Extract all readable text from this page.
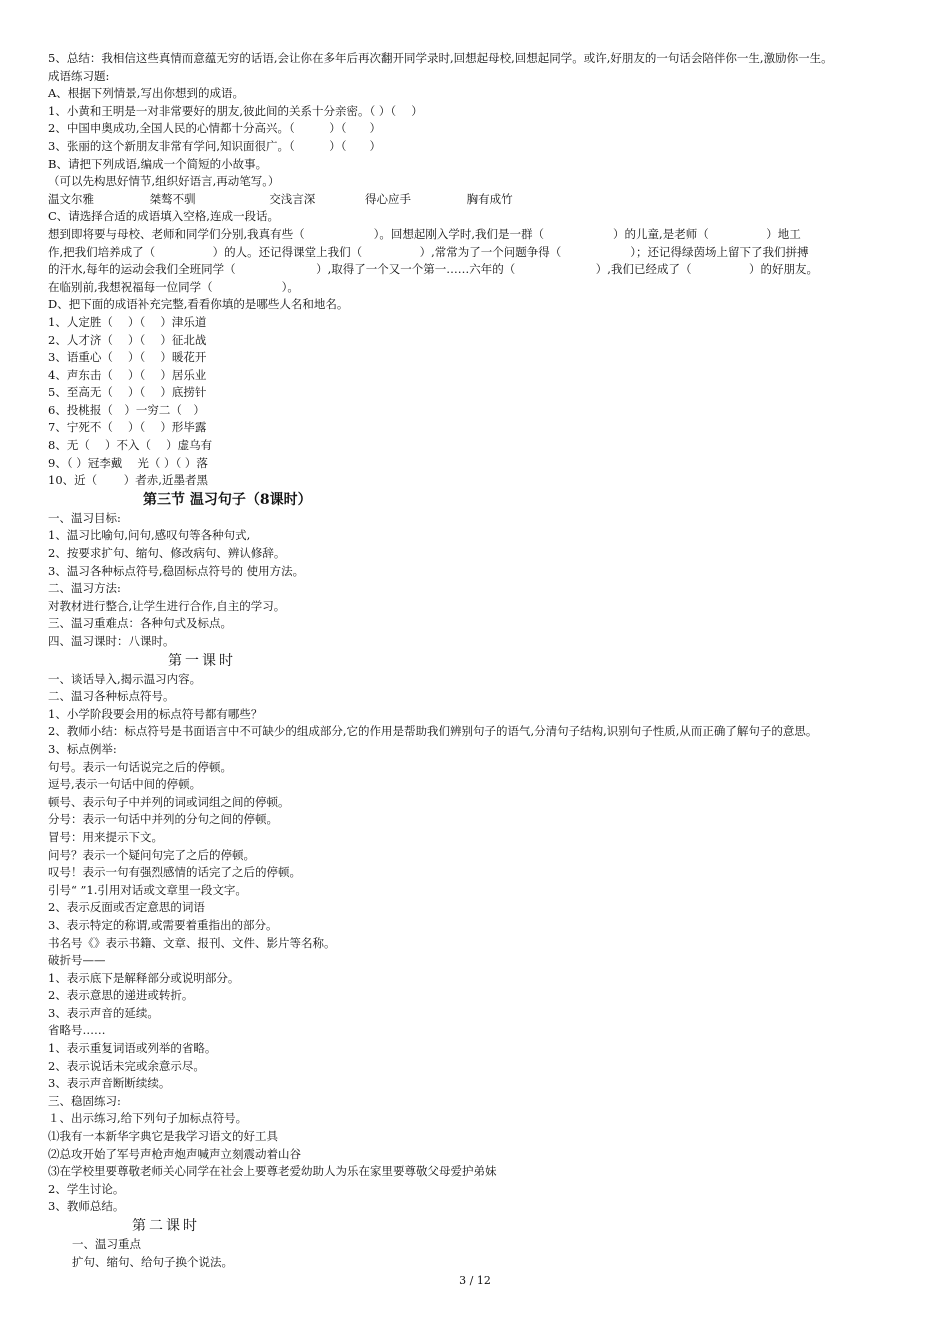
5、总结：我相信这些真情而意蕴无穷的话语,会让你在多年后再次翻开同学录时,回想起母校,回想起同学。或许,好朋友的一句话会陪伴你一生,激励你一生。
成语练习题:
A、根据下列情景,写出你想到的成语。
1、小黄和王明是一对非常要好的朋友,彼此间的关系十分亲密。（ ）（　 ）
2、中国申奥成功,全国人民的心情都十分高兴。（　　　）（　　）
3、张丽的这个新朋友非常有学问,知识面很广。（　　　）（　　）
B、请把下列成语,编成一个简短的小故事。
（可以先构思好情节,组织好语言,再动笔写。）
温文尔雅	桀骜不驯	交浅言深	得心应手	胸有成竹
C、请选择合适的成语填入空格,连成一段话。
想到即将要与母校、老师和同学们分别,我真有些（　　　　　　）。回想起刚入学时,我们是一群（　　　　　　）的儿童,是老师（　　　　　）地工
作,把我们培养成了（　　　　　）的人。还记得课堂上我们（　　　　　）,常常为了一个问题争得（　　　　　　）；还记得绿茵场上留下了我们拼搏
的汗水,每年的运动会我们全班同学（　　　　　　　）,取得了一个又一个第一……六年的（　　　　　　　）,我们已经成了（　　　　　）的好朋友。
在临别前,我想祝福每一位同学（　　　　　　）。
D、把下面的成语补充完整,看看你填的是哪些人名和地名。
1、人定胜（　 ）（　 ）津乐道
2、人才济（　 ）（　 ）征北战
3、语重心（　 ）（　 ）暖花开
4、声东击（　 ）（　 ）居乐业
5、至高无（　 ）（　 ）底捞针
6、投桃报（　）一穷二（　）
7、宁死不（　 ）（　 ）形毕露
8、无（　 ）不入（　 ）虚乌有
9、（ ）冠李戴　 光（ ）（ ）落
10、近（　　 ）者赤,近墨者黑
第三节 温习句子（8课时）
一、温习目标:
1、温习比喻句,问句,感叹句等各种句式,
2、按要求扩句、缩句、修改病句、辨认修辞。
3、温习各种标点符号,稳固标点符号的 使用方法。
二、温习方法:
对教材进行整合,让学生进行合作,自主的学习。
三、温习重难点：各种句式及标点。
四、温习课时：八课时。
第一课时
一、谈话导入,揭示温习内容。
二、温习各种标点符号。
1、小学阶段要会用的标点符号都有哪些？
2、教师小结：标点符号是书面语言中不可缺少的组成部分,它的作用是帮助我们辨别句子的语气,分清句子结构,识别句子性质,从而正确了解句子的意思。
3、标点例举:
句号。表示一句话说完之后的停顿。
逗号,表示一句话中间的停顿。
顿号、表示句子中并列的词或词组之间的停顿。
分号：表示一句话中并列的分句之间的停顿。
冒号：用来提示下文。
问号？表示一个疑问句完了之后的停顿。
叹号！表示一句有强烈感情的话完了之后的停顿。
引号“ ”1.引用对话或文章里一段文字。
2、表示反面或否定意思的词语
3、表示特定的称谓,或需要着重指出的部分。
书名号《》表示书籍、文章、报刊、文件、影片等名称。
破折号——
1、表示底下是解释部分或说明部分。
2、表示意思的递进或转折。
3、表示声音的延续。
省略号……
1、表示重复词语或列举的省略。
2、表示说话未完或余意示尽。
3、表示声音断断续续。
三、稳固练习:
１、出示练习,给下列句子加标点符号。
⑴我有一本新华字典它是我学习语文的好工具
⑵总攻开始了军号声枪声炮声喊声立刻震动着山谷
⑶在学校里要尊敬老师关心同学在社会上要尊老爱幼助人为乐在家里要尊敬父母爱护弟妹
2、学生讨论。
3、教师总结。
第二课时
一、温习重点
扩句、缩句、给句子换个说法。
3 / 12
